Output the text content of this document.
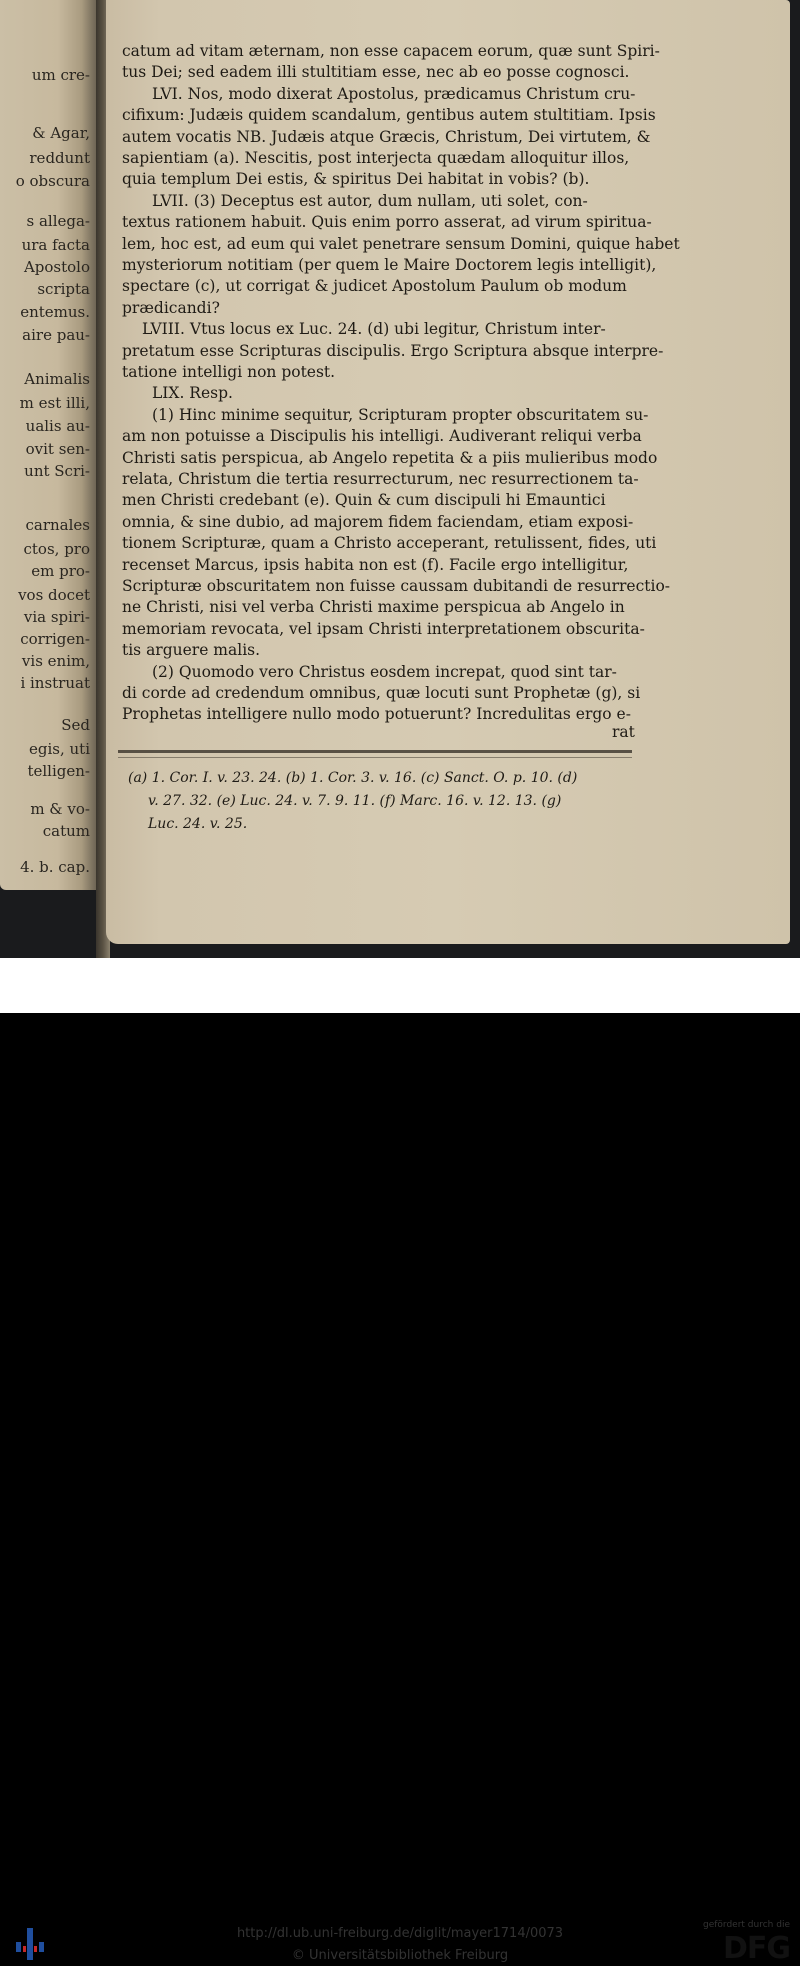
um cre-
& Agar,
reddunt
o obscura
s allega-
ura facta
Apostolo
scripta
entemus.
aire pau-
Animalis
m est illi,
ualis au-
ovit sen-
unt Scri-
carnales
ctos, pro
em pro-
vos docet
via spiri-
corrigen-
vis enim,
i instruat
Sed
egis, uti
telligen-
m & vo-
catum
4. b. cap.
catum ad vitam æternam, non esse capacem eorum, quæ sunt Spiri-
tus Dei; sed eadem illi stultitiam esse, nec ab eo posse cognosci.
LVI. Nos, modo dixerat Apostolus, prædicamus Christum cru-
cifixum: Judæis quidem scandalum, gentibus autem stultitiam. Ipsis
autem vocatis NB. Judæis atque Græcis, Christum, Dei virtutem, &
sapientiam (a). Nescitis, post interjecta quædam alloquitur illos,
quia templum Dei estis, & spiritus Dei habitat in vobis? (b).
LVII. (3) Deceptus est autor, dum nullam, uti solet, con-
textus rationem habuit. Quis enim porro asserat, ad virum spiritua-
lem, hoc est, ad eum qui valet penetrare sensum Domini, quique habet
mysteriorum notitiam (per quem le Maire Doctorem legis intelligit),
spectare (c), ut corrigat & judicet Apostolum Paulum ob modum
prædicandi?
LVIII. Vtus locus ex Luc. 24. (d) ubi legitur, Christum inter-
pretatum esse Scripturas discipulis. Ergo Scriptura absque interpre-
tatione intelligi non potest.
LIX. Resp.
(1) Hinc minime sequitur, Scripturam propter obscuritatem su-
am non potuisse a Discipulis his intelligi. Audiverant reliqui verba
Christi satis perspicua, ab Angelo repetita & a piis mulieribus modo
relata, Christum die tertia resurrecturum, nec resurrectionem ta-
men Christi credebant (e). Quin & cum discipuli hi Emauntici
omnia, & sine dubio, ad majorem fidem faciendam, etiam exposi-
tionem Scripturæ, quam a Christo acceperant, retulissent, fides, uti
recenset Marcus, ipsis habita non est (f). Facile ergo intelligitur,
Scripturæ obscuritatem non fuisse caussam dubitandi de resurrectio-
ne Christi, nisi vel verba Christi maxime perspicua ab Angelo in
memoriam revocata, vel ipsam Christi interpretationem obscurita-
tis arguere malis.
(2) Quomodo vero Christus eosdem increpat, quod sint tar-
di corde ad credendum omnibus, quæ locuti sunt Prophetæ (g), si
Prophetas intelligere nullo modo potuerunt? Incredulitas ergo e-
rat
(a) 1. Cor. I. v. 23. 24. (b) 1. Cor. 3. v. 16. (c) Sanct. O. p. 10. (d)
v. 27. 32. (e) Luc. 24. v. 7. 9. 11. (f) Marc. 16. v. 12. 13. (g)
Luc. 24. v. 25.
http://dl.ub.uni-freiburg.de/diglit/mayer1714/0073
© Universitätsbibliothek Freiburg
gefördert durch die
DFG
